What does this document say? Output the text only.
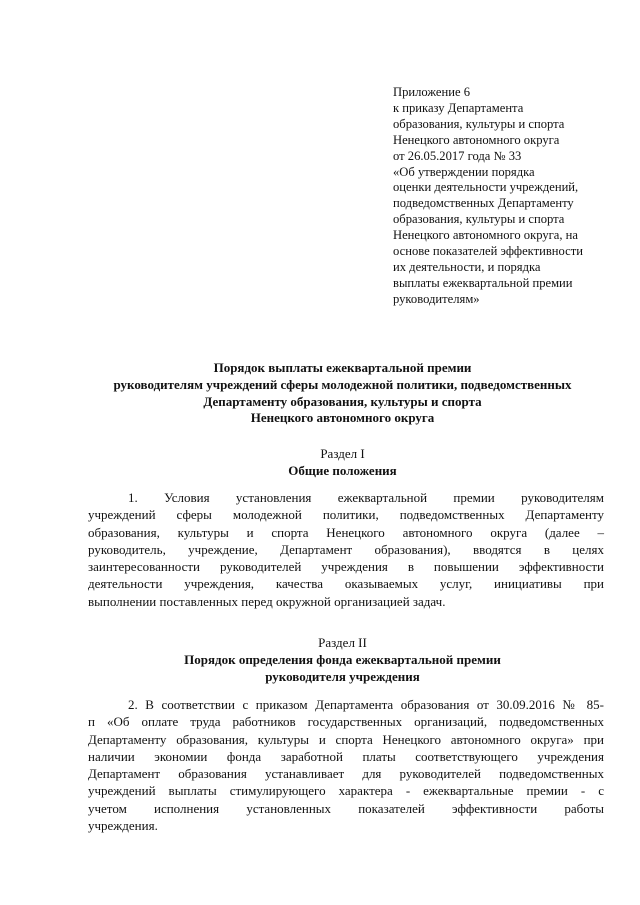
Приложение 6
к приказу Департамента
образования, культуры и спорта
Ненецкого автономного округа
от 26.05.2017 года № 33
«Об утверждении порядка
оценки деятельности учреждений,
подведомственных Департаменту
образования, культуры и спорта
Ненецкого автономного округа, на
основе показателей эффективности
их деятельности, и порядка
выплаты ежеквартальной премии
руководителям»
Порядок выплаты ежеквартальной премии
руководителям учреждений сферы молодежной политики, подведомственных
Департаменту образования, культуры и спорта
Ненецкого автономного округа
Раздел I
Общие положения
1. Условия установления ежеквартальной премии руководителям
учреждений сферы молодежной политики, подведомственных Департаменту
образования, культуры и спорта Ненецкого автономного округа (далее –
руководитель, учреждение, Департамент образования), вводятся в целях
заинтересованности руководителей учреждения в повышении эффективности
деятельности учреждения, качества оказываемых услуг, инициативы при
выполнении поставленных перед окружной организацией задач.
Раздел II
Порядок определения фонда ежеквартальной премии
руководителя учреждения
2. В соответствии с приказом Департамента образования от 30.09.2016 № 85-
п «Об оплате труда работников государственных организаций, подведомственных
Департаменту образования, культуры и спорта Ненецкого автономного округа» при
наличии экономии фонда заработной платы соответствующего учреждения
Департамент образования устанавливает для руководителей подведомственных
учреждений выплаты стимулирующего характера - ежеквартальные премии - с
учетом исполнения установленных показателей эффективности работы
учреждения.
